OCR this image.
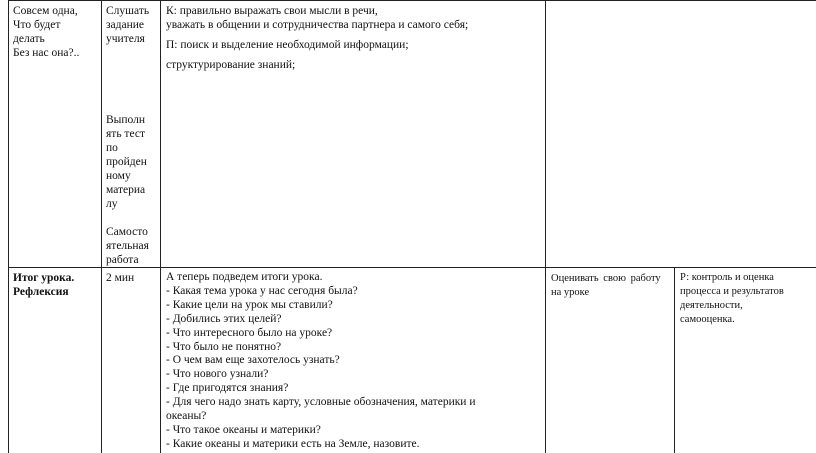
Совсем одна,

Что будет

делать

Без нас она?..

Слушать

задание

учителя

Выполн

ять тест

по

пройден

ному

материа

лу

Самосто

ятельная

работа

К: правильно выражать свои мысли в речи,

уважать в общении и сотрудничества партнера и самого себя;

П: поиск и выделение необходимой информации;

структурирование знаний;

Итог урока.

Рефлексия

2 мин	А теперь подведем итоги урока.

- Какая тема урока у нас сегодня была?

- Какие цели на урок мы ставили?

- Добились этих целей?

- Что интересного было на уроке?

- Что было не понятно?

- О чем вам еще захотелось узнать?

- Что нового узнали?

- Где пригодятся знания?

- Для чего надо знать карту, условные обозначения, материки и

океаны?

- Что такое океаны и материки?

- Какие океаны и материки есть на Земле, назовите.

Оценивать свою работу

на уроке

Р: контроль и оценка

процесса и результатов

деятельности,

самооценка.
